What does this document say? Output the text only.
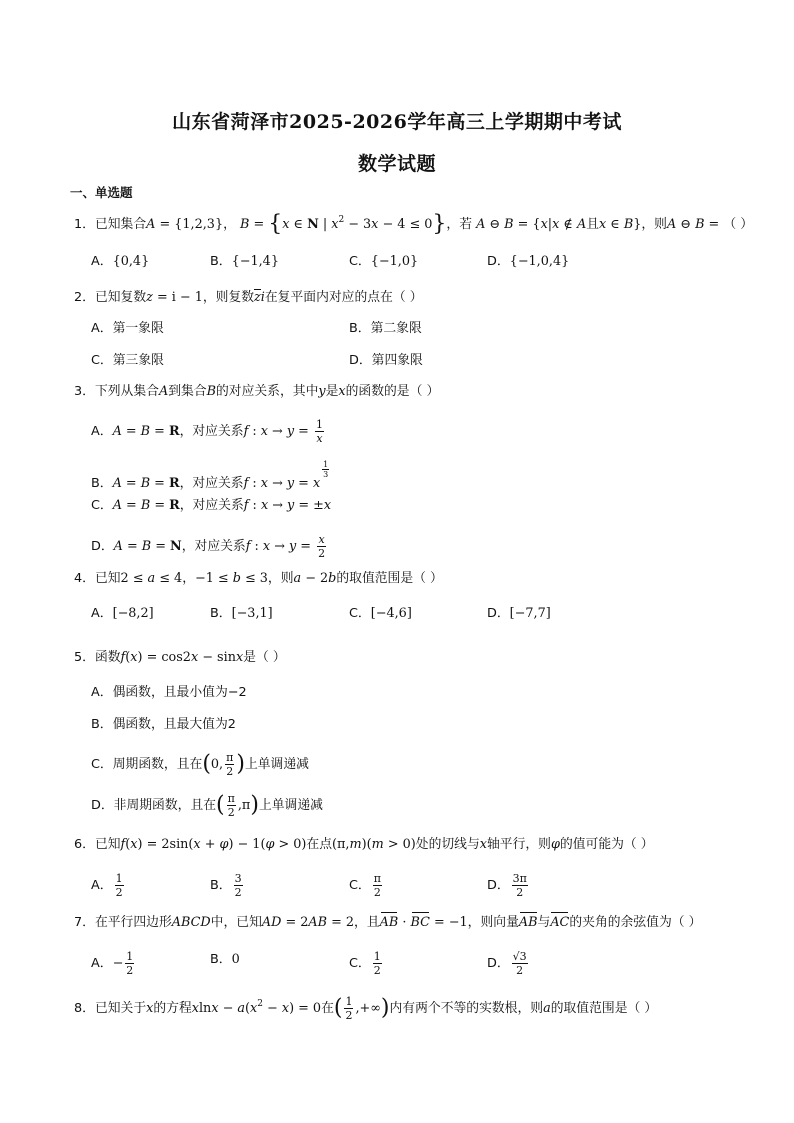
山东省菏泽市2025-2026学年高三上学期期中考试
数学试题
一、单选题
1．已知集合A = {1,2,3}， B = {x ∈ N | $x^2 - 3x - 4 \le 0$}，若 A ⊖ B = {x|x ∉ A且x ∈ B}，则A ⊖ B = （ ）
A．{0,4}	B．{−1,4}	C．{−1,0}	D．{−1,0,4}
2．已知复数z = i − 1，则复数zi在复平面内对应的点在（ ）
A．第一象限	B．第二象限
C．第三象限	D．第四象限
3．下列从集合A到集合B的对应关系，其中y是x的函数的是（ ）
A．A = B = R，对应关系f : $x \to y = \frac{1}{x}$
B．A = B = R，对应关系f : x → y = x
$\frac{1}{3}$
C．A = B = R，对应关系f : x → y = ±x
D．A = B = N，对应关系f : $x \to y = \frac{x}{2}$
4．已知2 ≤ a ≤ 4，−1 ≤ b ≤ 3，则a − 2b的取值范围是（ ）
A．[−8,2]	B．[−3,1]	C．[−4,6]	D．[−7,7]
5．函数f(x) = cos2x − sinx是（ ）
A．偶函数，且最小值为−2
B．偶函数，且最大值为2
C．周期函数，且在(0, $\frac{\pi}{2}$ )上单调递减
D．非周期函数，且在( $\frac{\pi}{2} ,\pi$)上单调递减
6．已知f(x) = 2sin(x + φ) − 1(φ > 0)在点(π,m)(m > 0)处的切线与x轴平行，则φ的值可能为（ ）
A． $\frac{1}{2}$	B． $\frac{3}{2}$	C． $\frac{\pi}{2}$	D． $\frac{3\pi}{2}$
7．在平行四边形ABCD中，已知AD = 2AB = 2，且AB · BC = −1，则向量AB与AC的夹角的余弦值为（ ）
A．− $\frac{1}{2}$	B．0	C． $\frac{1}{2}$	D． $\frac{√3}{2}$
8．已知关于x的方程$xlnx - a(x^2 - x) = 0$在( $\frac{1}{2}$ ,+∞)内有两个不等的实数根，则a的取值范围是（ ）
